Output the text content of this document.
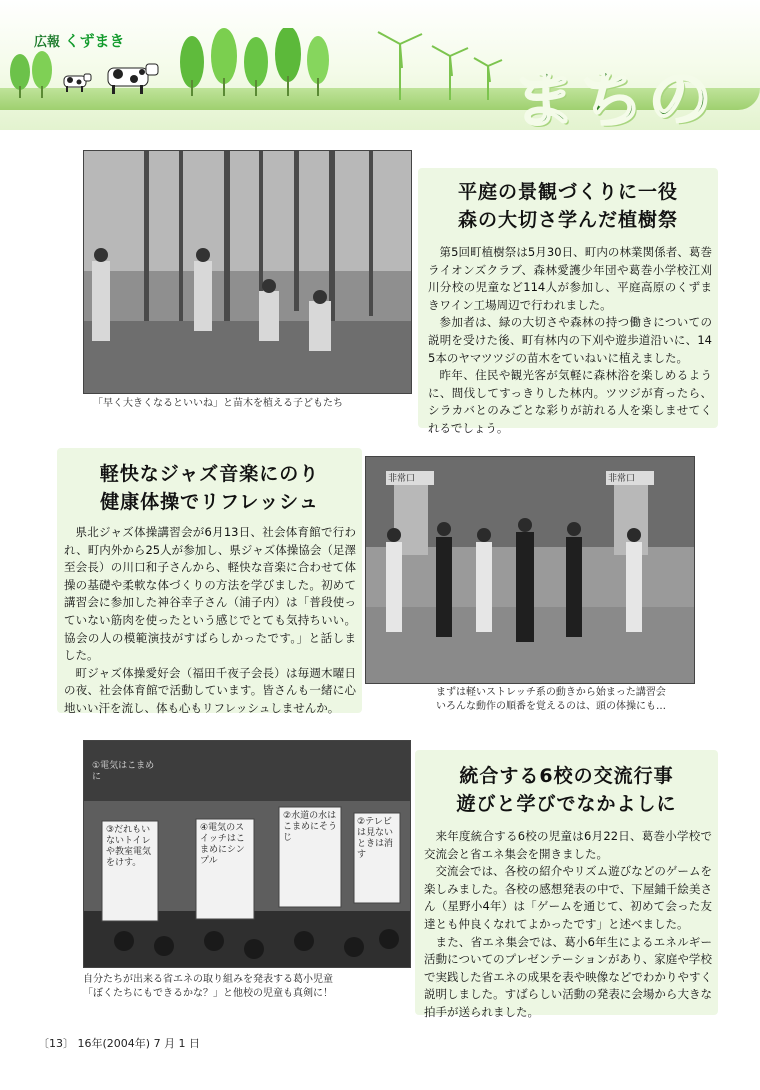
広報 くずまき
まちの
「早く大きくなるといいね」と苗木を植える子どもたち
平庭の景観づくりに一役
森の大切さ学んだ植樹祭

第5回町植樹祭は5月30日、町内の林業関係者、葛巻ライオンズクラブ、森林愛護少年団や葛巻小学校江刈川分校の児童など114人が参加し、平庭高原のくずまきワイン工場周辺で行われました。

参加者は、緑の大切さや森林の持つ働きについての説明を受けた後、町有林内の下刈や遊歩道沿いに、145本のヤマツツジの苗木をていねいに植えました。

昨年、住民や観光客が気軽に森林浴を楽しめるように、間伐してすっきりした林内。ツツジが育ったら、シラカバとのみごとな彩りが訪れる人を楽しませてくれるでしょう。

軽快なジャズ音楽にのり
健康体操でリフレッシュ

県北ジャズ体操講習会が6月13日、社会体育館で行われ、町内外から25人が参加し、県ジャズ体操協会（足澤至会長）の川口和子さんから、軽快な音楽に合わせて体操の基礎や柔軟な体づくりの方法を学びました。初めて講習会に参加した神谷幸子さん（浦子内）は「普段使っていない筋肉を使ったという感じでとても気持ちいい。協会の人の模範演技がすばらしかったです。」と話しました。

町ジャズ体操愛好会（福田千夜子会長）は毎週木曜日の夜、社会体育館で活動しています。皆さんも一緒に心地いい汗を流し、体も心もリフレッシュしませんか。

非常口	非常口
まずは軽いストレッチ系の動きから始まった講習会
いろんな動作の順番を覚えるのは、頭の体操にも…
③だれもいないトイレや教室電気をけす。
④電気のスイッチはこまめにシンプル
②水道の水はこまめにそうじ
②テレビは見ないときは消す
①電気はこまめに
自分たちが出来る省エネの取り組みを発表する葛小児童
「ぼくたちにもできるかな？」と他校の児童も真剣に！
統合する6校の交流行事
遊びと学びでなかよしに

来年度統合する6校の児童は6月22日、葛巻小学校で交流会と省エネ集会を開きました。

交流会では、各校の紹介やリズム遊びなどのゲームを楽しみました。各校の感想発表の中で、下屋鋪千絵美さん（星野小4年）は「ゲームを通じて、初めて会った友達とも仲良くなれてよかったです」と述べました。

また、省エネ集会では、葛小6年生によるエネルギー活動についてのプレゼンテーションがあり、家庭や学校で実践した省エネの成果を表や映像などでわかりやすく説明しました。すばらしい活動の発表に会場から大きな拍手が送られました。

〔13〕 16年(2004年) 7 月 1 日
